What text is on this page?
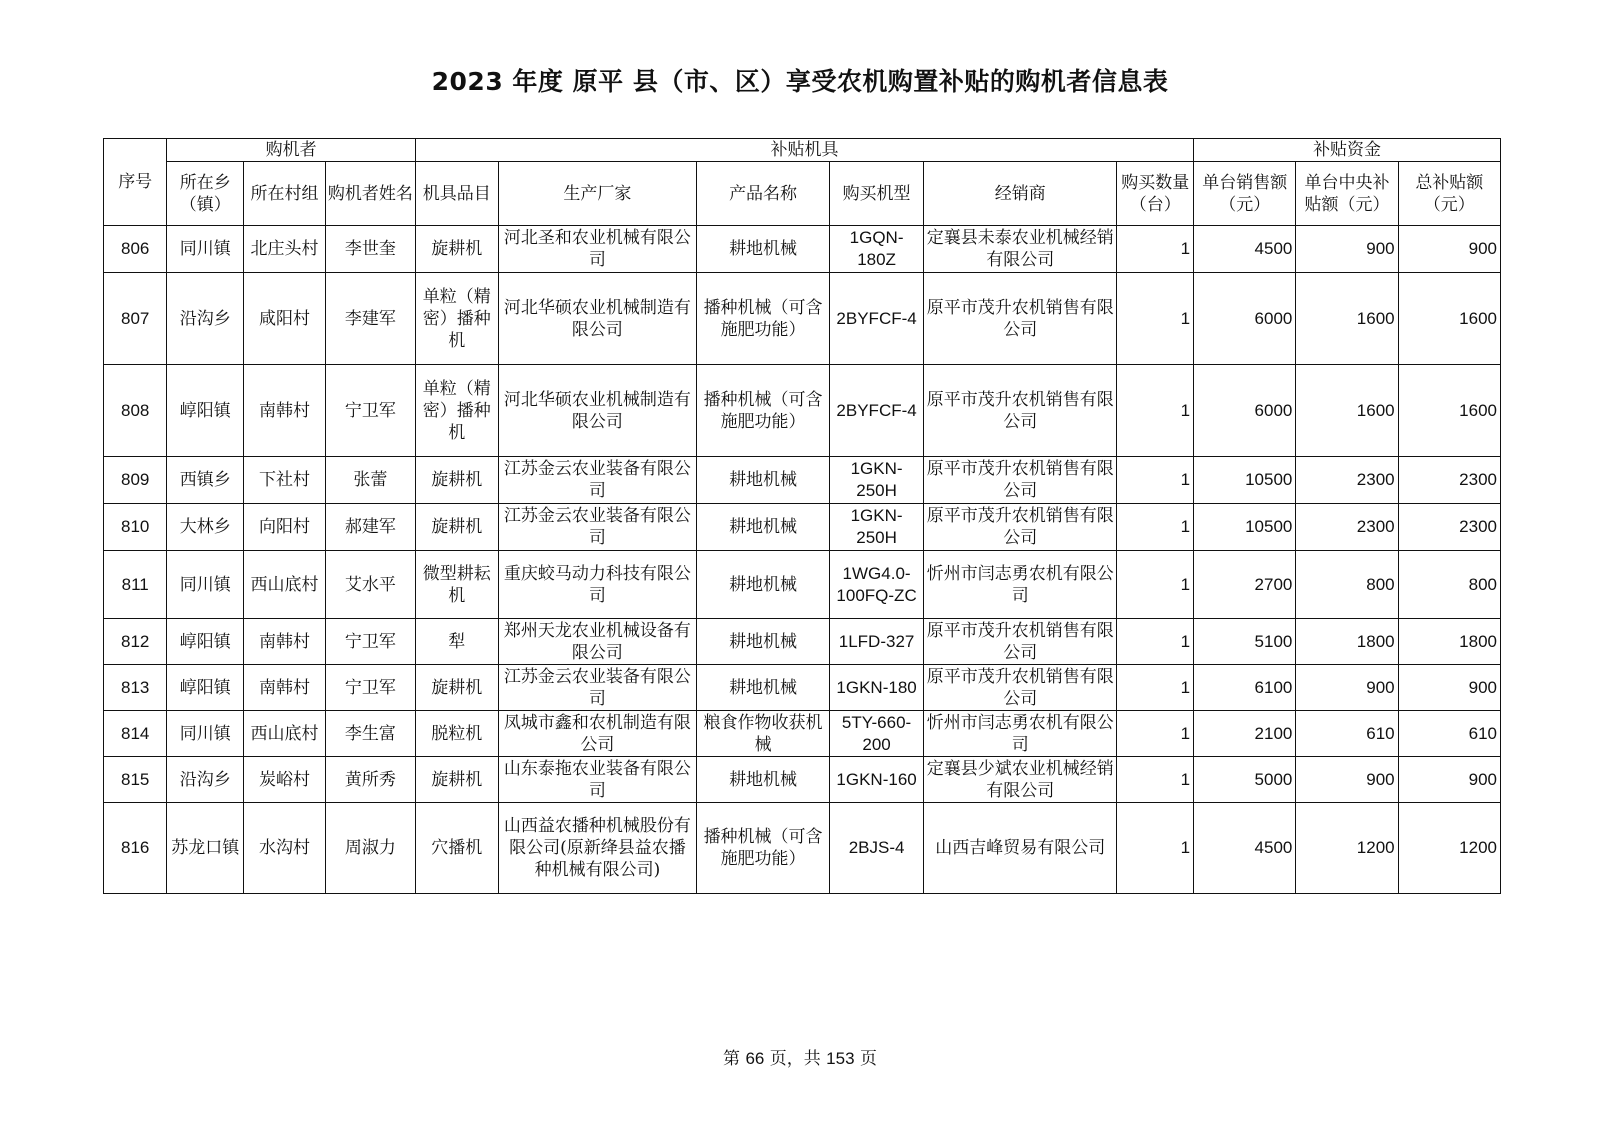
2023 年度 原平 县（市、区）享受农机购置补贴的购机者信息表
序号	购机者			补贴机具						补贴资金		
	所在乡（镇）	所在村组	购机者姓名	机具品目	生产厂家	产品名称	购买机型	经销商	购买数量（台）	单台销售额（元）	单台中央补贴额（元）	总补贴额（元）
806	同川镇	北庄头村	李世奎	旋耕机	河北圣和农业机械有限公司	耕地机械	1GQN-180Z	定襄县未泰农业机械经销有限公司	1	4500	900	900
807	沿沟乡	咸阳村	李建军	单粒（精密）播种机	河北华硕农业机械制造有限公司	播种机械（可含施肥功能）	2BYFCF-4	原平市茂升农机销售有限公司	1	6000	1600	1600
808	崞阳镇	南韩村	宁卫军	单粒（精密）播种机	河北华硕农业机械制造有限公司	播种机械（可含施肥功能）	2BYFCF-4	原平市茂升农机销售有限公司	1	6000	1600	1600
809	西镇乡	下社村	张蕾	旋耕机	江苏金云农业装备有限公司	耕地机械	1GKN-250H	原平市茂升农机销售有限公司	1	10500	2300	2300
810	大林乡	向阳村	郝建军	旋耕机	江苏金云农业装备有限公司	耕地机械	1GKN-250H	原平市茂升农机销售有限公司	1	10500	2300	2300
811	同川镇	西山底村	艾水平	微型耕耘机	重庆蛟马动力科技有限公司	耕地机械	1WG4.0-100FQ-ZC	忻州市闫志勇农机有限公司	1	2700	800	800
812	崞阳镇	南韩村	宁卫军	犁	郑州天龙农业机械设备有限公司	耕地机械	1LFD-327	原平市茂升农机销售有限公司	1	5100	1800	1800
813	崞阳镇	南韩村	宁卫军	旋耕机	江苏金云农业装备有限公司	耕地机械	1GKN-180	原平市茂升农机销售有限公司	1	6100	900	900
814	同川镇	西山底村	李生富	脱粒机	凤城市鑫和农机制造有限公司	粮食作物收获机械	5TY-660-200	忻州市闫志勇农机有限公司	1	2100	610	610
815	沿沟乡	炭峪村	黄所秀	旋耕机	山东泰拖农业装备有限公司	耕地机械	1GKN-160	定襄县少斌农业机械经销有限公司	1	5000	900	900
816	苏龙口镇	水沟村	周淑力	穴播机	山西益农播种机械股份有限公司(原新绛县益农播种机械有限公司)	播种机械（可含施肥功能）	2BJS-4	山西吉峰贸易有限公司	1	4500	1200	1200
第 66 页，共 153 页
